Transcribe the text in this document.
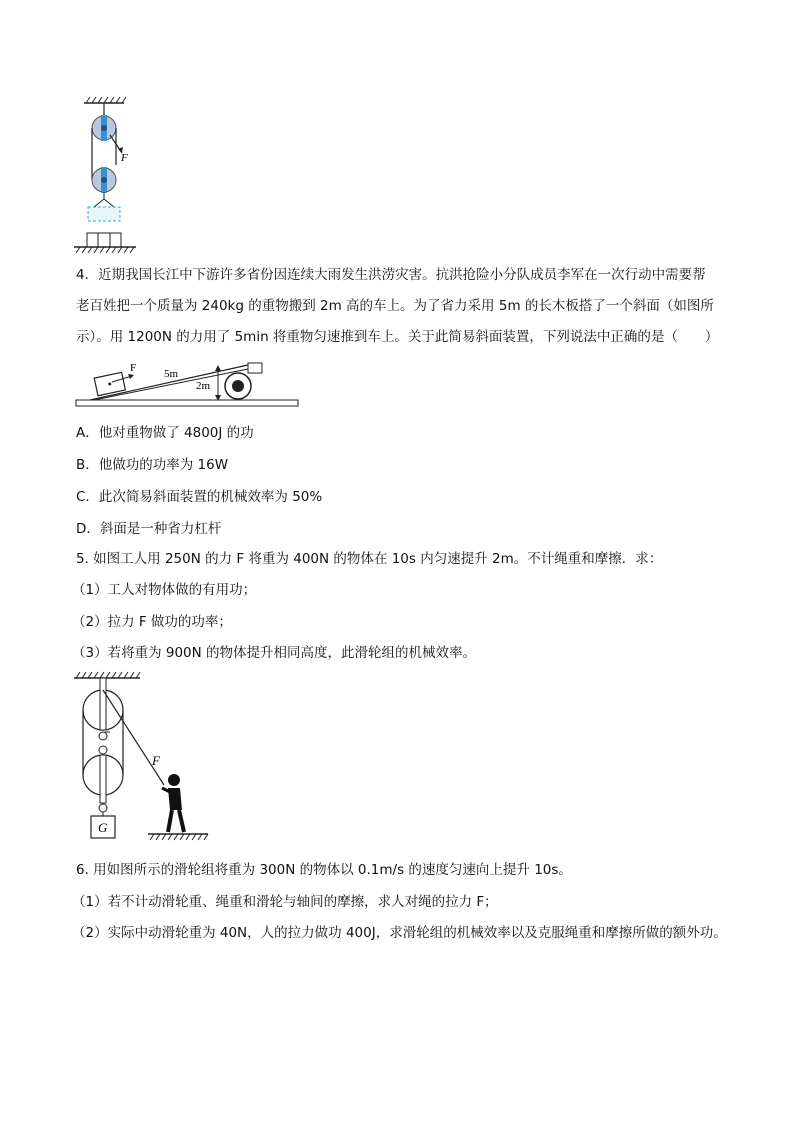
F
4．近期我国长江中下游许多省份因连续大雨发生洪涝灾害。抗洪抢险小分队成员李军在一次行动中需要帮
老百姓把一个质量为 240kg 的重物搬到 2m 高的车上。为了省力采用 5m 的长木板搭了一个斜面（如图所
示）。用 1200N 的力用了 5min 将重物匀速推到车上。关于此简易斜面装置，下列说法中正确的是（　　）
F	5m
2m
A．他对重物做了 4800J 的功
B．他做功的功率为 16W
C．此次简易斜面装置的机械效率为 50%
D．斜面是一种省力杠杆
5. 如图工人用 250N 的力 F 将重为 400N 的物体在 10s 内匀速提升 2m。不计绳重和摩擦．求：
（1）工人对物体做的有用功；
（2）拉力 F 做功的功率；
（3）若将重为 900N 的物体提升相同高度，此滑轮组的机械效率。
F
G
6. 用如图所示的滑轮组将重为 300N 的物体以 0.1m/s 的速度匀速向上提升 10s。
（1）若不计动滑轮重、绳重和滑轮与轴间的摩擦，求人对绳的拉力 F；
（2）实际中动滑轮重为 40N，人的拉力做功 400J，求滑轮组的机械效率以及克服绳重和摩擦所做的额外功。
